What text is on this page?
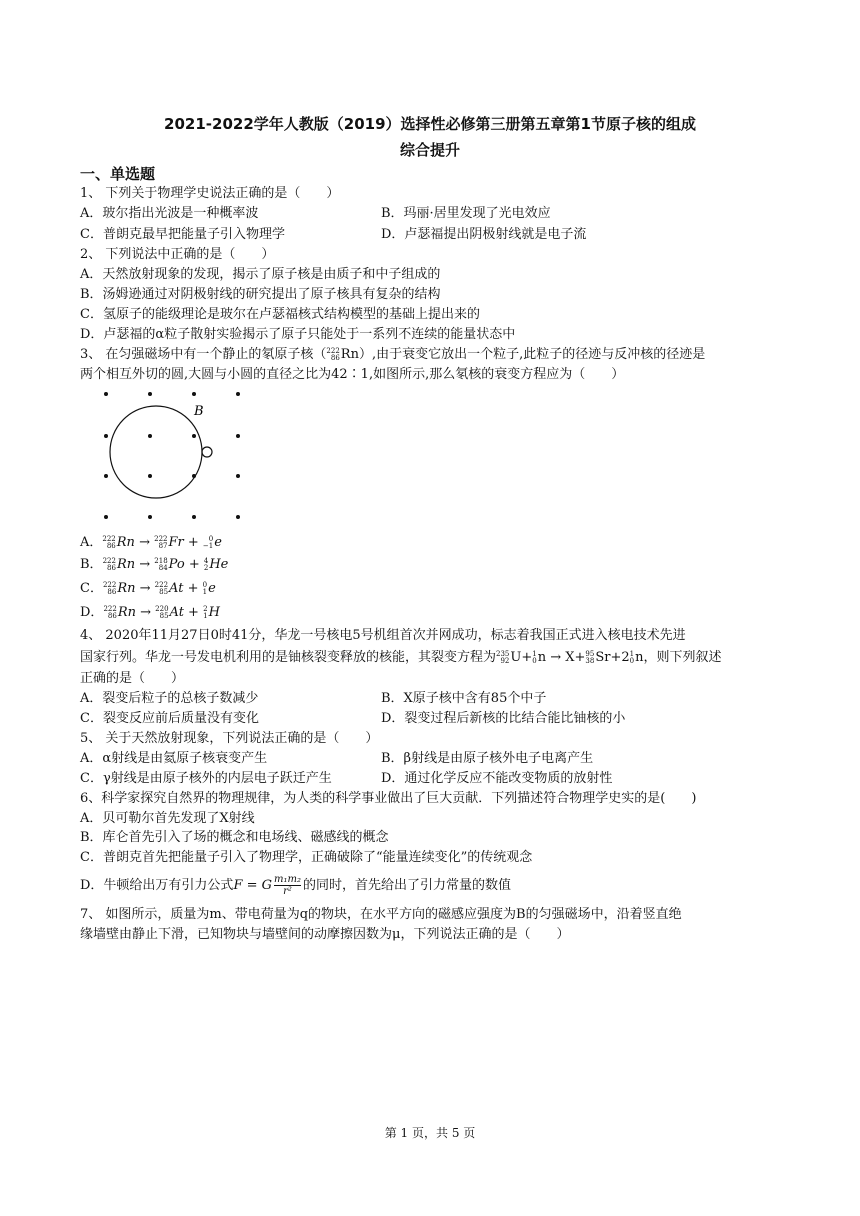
2021-2022学年人教版（2019）选择性必修第三册第五章第1节原子核的组成
综合提升
一、单选题
1、 下列关于物理学史说法正确的是（　　）
A．玻尔指出光波是一种概率波	B．玛丽·居里发现了光电效应
C．普朗克最早把能量子引入物理学	D．卢瑟福提出阴极射线就是电子流
2、 下列说法中正确的是（　　）
A．天然放射现象的发现，揭示了原子核是由质子和中子组成的
B．汤姆逊通过对阴极射线的研究提出了原子核具有复杂的结构
C．氢原子的能级理论是玻尔在卢瑟福核式结构模型的基础上提出来的
D．卢瑟福的α粒子散射实验揭示了原子只能处于一系列不连续的能量状态中
3、 在匀强磁场中有一个静止的氡原子核（ 222
86 Rn）,由于衰变它放出一个粒子,此粒子的径迹与反冲核的径迹是
两个相互外切的圆,大圆与小圆的直径之比为42∶1,如图所示,那么氡核的衰变方程应为（　　）
B
A． 222
86 Rn → 222
87 Fr + 0
−1 e
B． 222
86 Rn → 218
84 Po + 4
2 He
C． 222
86 Rn → 222
85 At + 0
1 e
D． 222
86 Rn → 220
85 At + 2
1 H
4、 2020年11月27日0时41分，华龙一号核电5号机组首次并网成功，标志着我国正式进入核电技术先进
国家行列。华龙一号发电机利用的是铀核裂变释放的核能，其裂变方程为 235
92 U+ 1
0 n → X+ 95
38 Sr+2 1
0 n，则下列叙述
正确的是（　　）
A．裂变后粒子的总核子数减少	B．X原子核中含有85个中子
C．裂变反应前后质量没有变化	D．裂变过程后新核的比结合能比铀核的小
5、 关于天然放射现象，下列说法正确的是（　　）
A．α射线是由氦原子核衰变产生	B．β射线是由原子核外电子电离产生
C．γ射线是由原子核外的内层电子跃迁产生	D．通过化学反应不能改变物质的放射性
6、科学家探究自然界的物理规律，为人类的科学事业做出了巨大贡献．下列描述符合物理学史实的是(　　)
A．贝可勒尔首先发现了X射线
B．库仑首先引入了场的概念和电场线、磁感线的概念
C．普朗克首先把能量子引入了物理学，正确破除了“能量连续变化”的传统观念
D．牛顿给出万有引力公式F = G $\frac{\text{m₁m₂}}{\text{r²}}$ 的同时，首先给出了引力常量的数值
7、 如图所示，质量为m、带电荷量为q的物块，在水平方向的磁感应强度为B的匀强磁场中，沿着竖直绝
缘墙壁由静止下滑，已知物块与墙壁间的动摩擦因数为μ，下列说法正确的是（　　）
第 1 页，共 5 页
